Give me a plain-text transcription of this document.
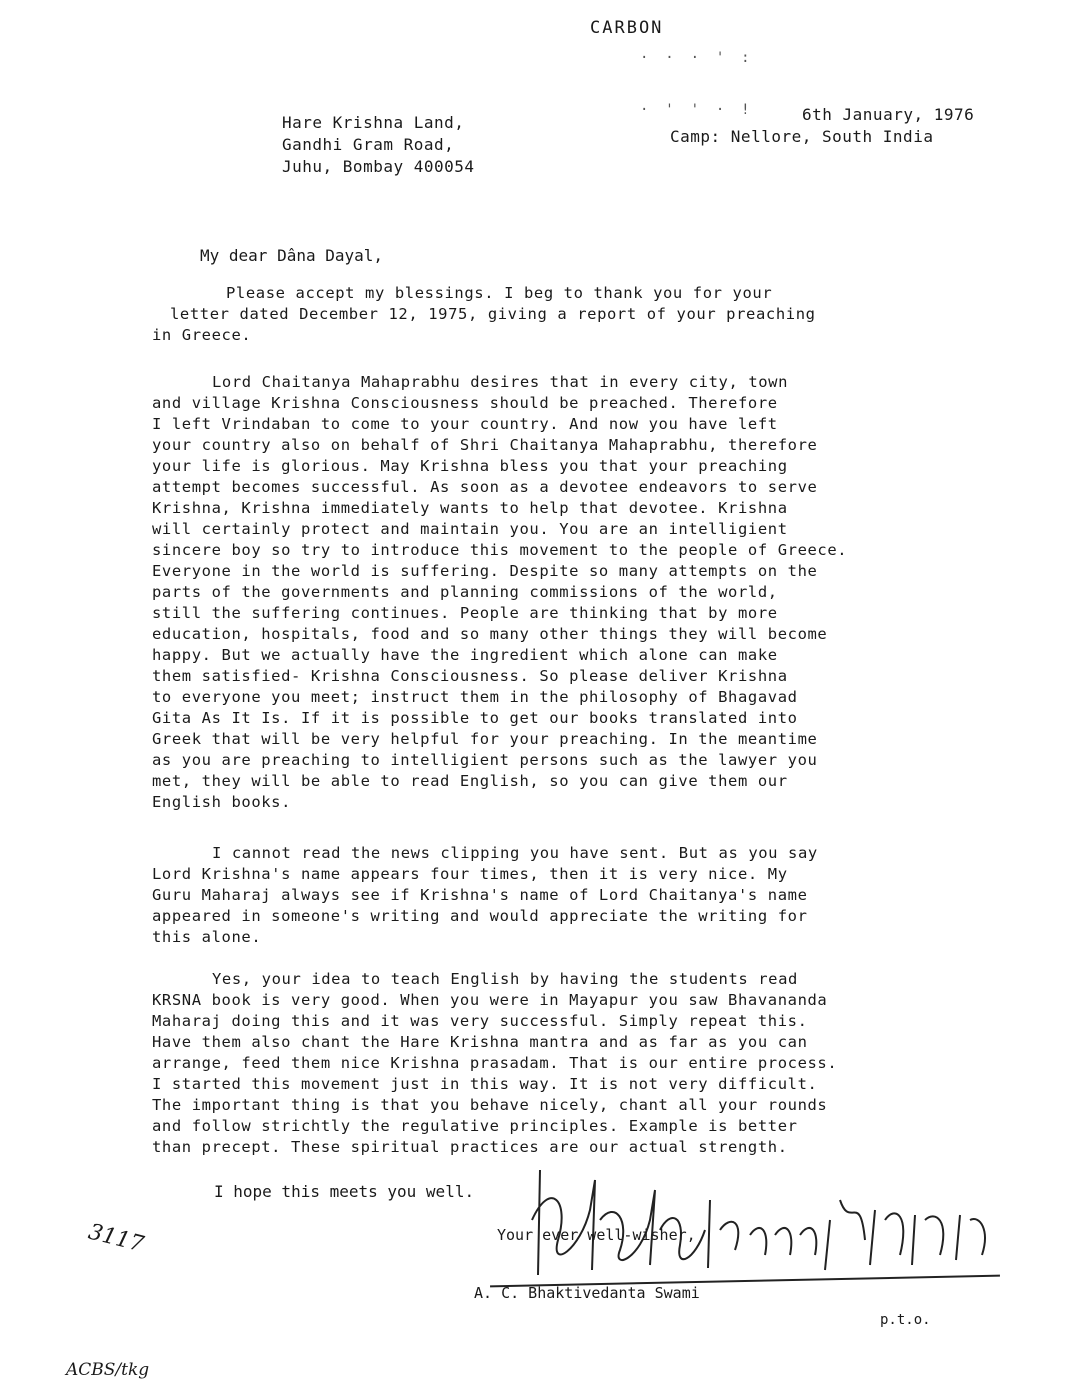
CARBON
·  ·  ·  '  :

·  '  '  ·  !
Hare Krishna Land,
Gandhi Gram Road,
Juhu, Bombay 400054
6th January, 1976
Camp: Nellore, South India
My dear Dâna Dayal,
Please accept my blessings. I beg to thank you for your
letter dated December 12, 1975, giving a report of your preaching
in Greece.
Lord Chaitanya Mahaprabhu desires that in every city, town
and village Krishna Consciousness should be preached. Therefore
I left Vrindaban to come to your country. And now you have left
your country also on behalf of Shri Chaitanya Mahaprabhu, therefore
your life is glorious. May Krishna bless you that your preaching
attempt becomes successful. As soon as a devotee endeavors to serve
Krishna, Krishna immediately wants to help that devotee. Krishna
will certainly protect and maintain you. You are an intelligient
sincere boy so try to introduce this movement to the people of Greece.
Everyone in the world is suffering. Despite so many attempts on the
parts of the governments and planning commissions of the world,
still the suffering continues. People are thinking that by more
education, hospitals, food and so many other things they will become
happy. But we actually have the ingredient which alone can make
them satisfied- Krishna Consciousness. So please deliver Krishna
to everyone you meet; instruct them in the philosophy of Bhagavad
Gita As It Is. If it is possible to get our books translated into
Greek that will be very helpful for your preaching. In the meantime
as you are preaching to intelligient persons such as the lawyer you
met, they will be able to read English, so you can give them our
English books.
I cannot read the news clipping you have sent. But as you say
Lord Krishna's name appears four times, then it is very nice. My
Guru Maharaj always see if Krishna's name of Lord Chaitanya's name
appeared in someone's writing and would appreciate the writing for
this alone.
Yes, your idea to teach English by having the students read
KRSNA book is very good. When you were in Mayapur you saw Bhavananda
Maharaj doing this and it was very successful. Simply repeat this.
Have them also chant the Hare Krishna mantra and as far as you can
arrange, feed them nice Krishna prasadam. That is our entire process.
I started this movement just in this way. It is not very difficult.
The important thing is that you behave nicely, chant all your rounds
and follow strichtly the regulative principles. Example is better
than precept. These spiritual practices are our actual strength.
I hope this meets you well.
Your ever well-wisher,
A. C. Bhaktivedanta Swami
p.t.o.
3117
ACBS/tkg
